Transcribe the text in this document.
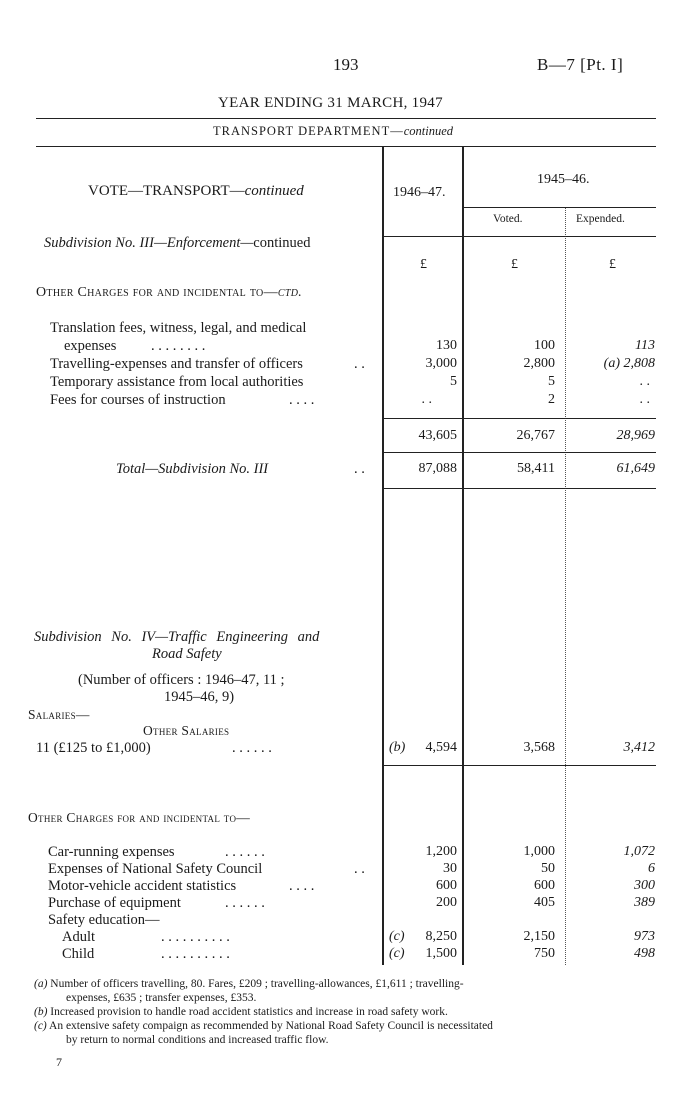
193	B—7 [Pt. I]
YEAR ENDING 31 MARCH, 1947
TRANSPORT DEPARTMENT—continued
VOTE—TRANSPORT—continued	1946–47.
1945–46.
Voted.	Expended.
Subdivision No. III—Enforcement—continued
£	£	£
Other Charges for and incidental to—ctd.
Translation fees, witness, legal, and medical
expenses . . . . . . . .	130	100	113
Travelling-expenses and transfer of officers	. .	3,000	2,800	(a) 2,808
Temporary assistance from local authorities	5	5	. .
Fees for courses of instruction	. . . .	. .	2	. .
43,605	26,767	28,969
Total—Subdivision No. III	. .	87,088	58,411	61,649
Subdivision No. IV—Traffic Engineering and
Road Safety
(Number of officers : 1946–47, 11 ;
1945–46, 9)
Salaries—
Other Salaries
11 (£125 to £1,000)	. . . . . .	(b) 4,594	3,568	3,412
Other Charges for and incidental to—
Car-running expenses	. . . . . .	1,200	1,000	1,072
Expenses of National Safety Council	. .	30	50	6
Motor-vehicle accident statistics	. . . .	600	600	300
Purchase of equipment	. . . . . .	200	405	389
Safety education—
Adult	. . . . . . . . . .	(c) 8,250	2,150	973
Child	. . . . . . . . . .	(c) 1,500	750	498
(a) Number of officers travelling, 80. Fares, £209 ; travelling-allowances, £1,611 ; travelling-
expenses, £635 ; transfer expenses, £353.
(b) Increased provision to handle road accident statistics and increase in road safety work.
(c) An extensive safety compaign as recommended by National Road Safety Council is necessitated
by return to normal conditions and increased traffic flow.
7
